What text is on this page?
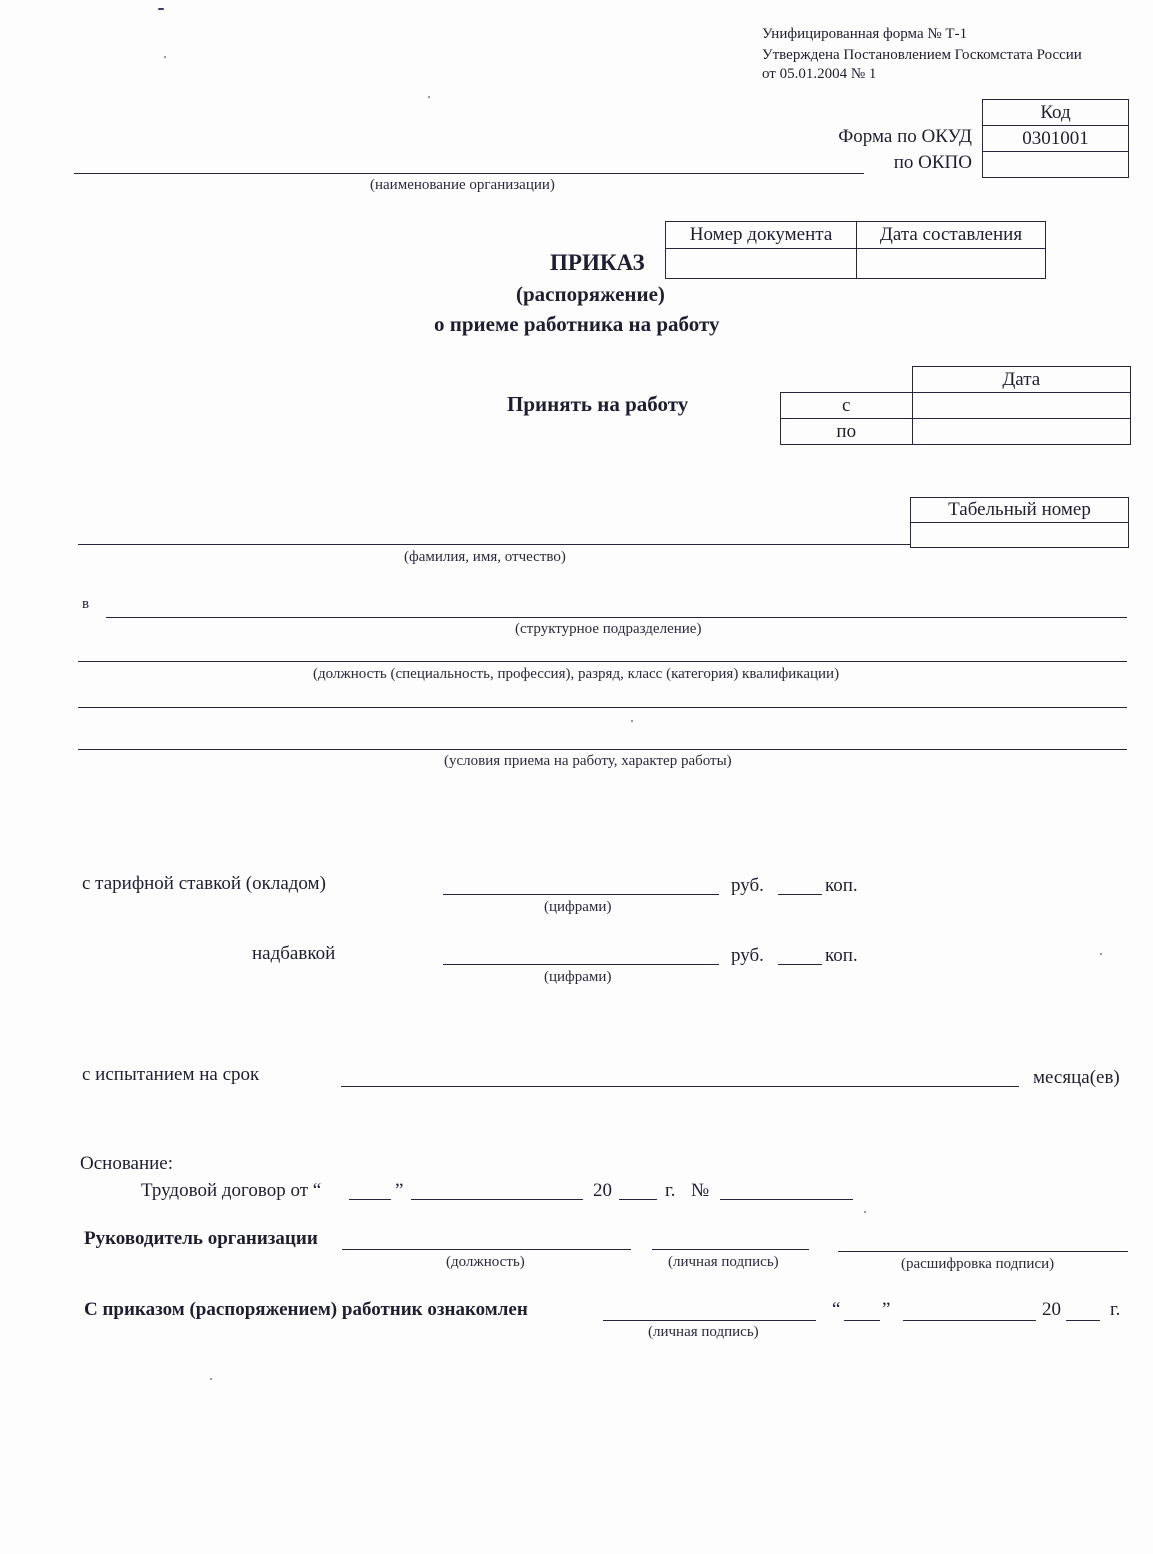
Унифицированная форма № Т-1
Утверждена Постановлением Госкомстата России
от 05.01.2004 № 1
Код
0301001

Форма по ОКУД
по ОКПО
(наименование организации)
Номер документа	Дата составления

ПРИКАЗ
(распоряжение)
о приеме работника на работу
Принять на работу
	Дата
с	
по	
Табельный номер

(фамилия, имя, отчество)
в
(структурное подразделение)
(должность (специальность, профессия), разряд, класс (категория) квалификации)
(условия приема на работу, характер работы)
с тарифной ставкой (окладом)	руб.	коп.
(цифрами)
надбавкой	руб.	коп.
(цифрами)
с испытанием на срок	месяца(ев)
Основание:
Трудовой договор от “	”	20	г. №
Руководитель организации
(должность)	(личная подпись)	(расшифровка подписи)
С приказом (распоряжением) работник ознакомлен
(личная подпись)
“ ”	20	г.
